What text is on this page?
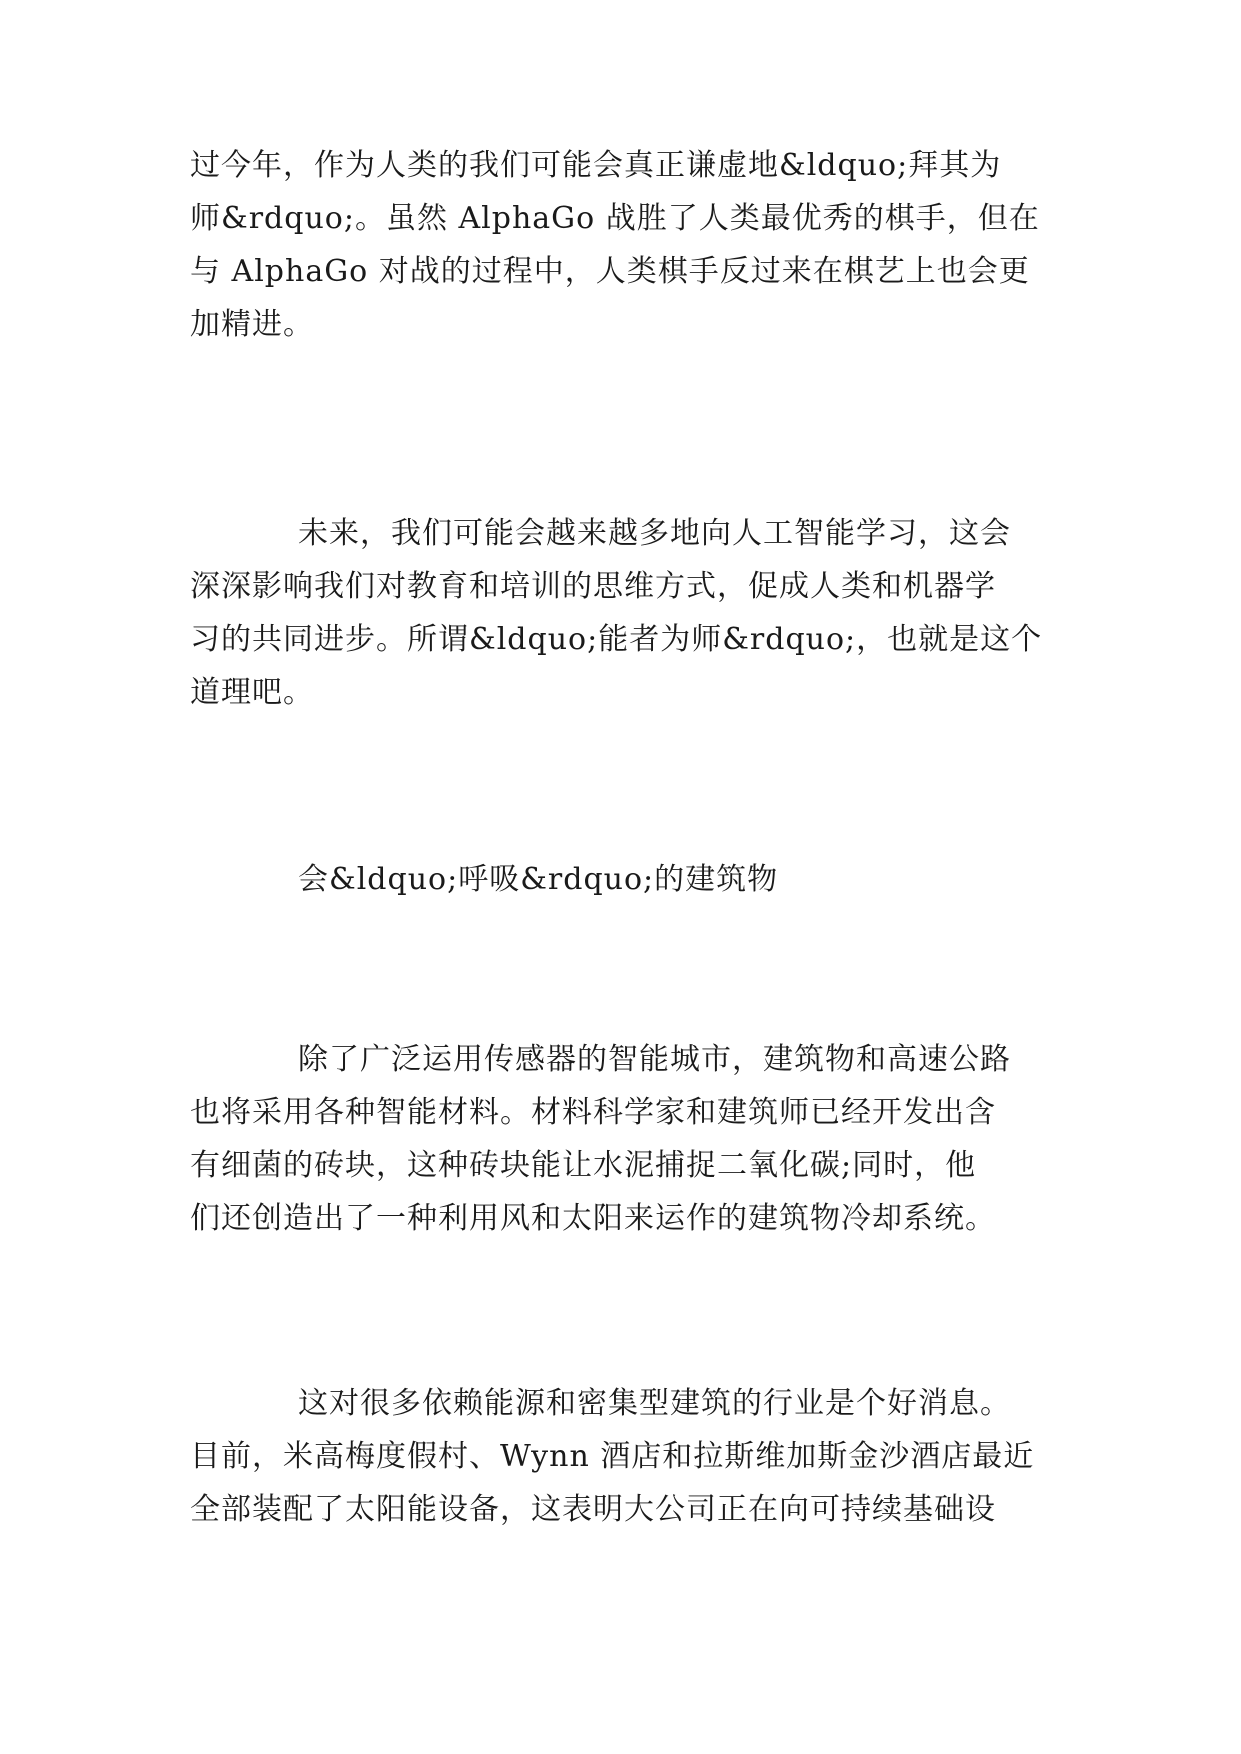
过今年，作为人类的我们可能会真正谦虚地&ldquo;拜其为
师&rdquo;。虽然 AlphaGo 战胜了人类最优秀的棋手，但在
与 AlphaGo 对战的过程中，人类棋手反过来在棋艺上也会更
加精进。
未来，我们可能会越来越多地向人工智能学习，这会
深深影响我们对教育和培训的思维方式，促成人类和机器学
习的共同进步。所谓&ldquo;能者为师&rdquo;，也就是这个
道理吧。
会&ldquo;呼吸&rdquo;的建筑物
除了广泛运用传感器的智能城市，建筑物和高速公路
也将采用各种智能材料。材料科学家和建筑师已经开发出含
有细菌的砖块，这种砖块能让水泥捕捉二氧化碳;同时，他
们还创造出了一种利用风和太阳来运作的建筑物冷却系统。
这对很多依赖能源和密集型建筑的行业是个好消息。
目前，米高梅度假村、Wynn 酒店和拉斯维加斯金沙酒店最近
全部装配了太阳能设备，这表明大公司正在向可持续基础设
